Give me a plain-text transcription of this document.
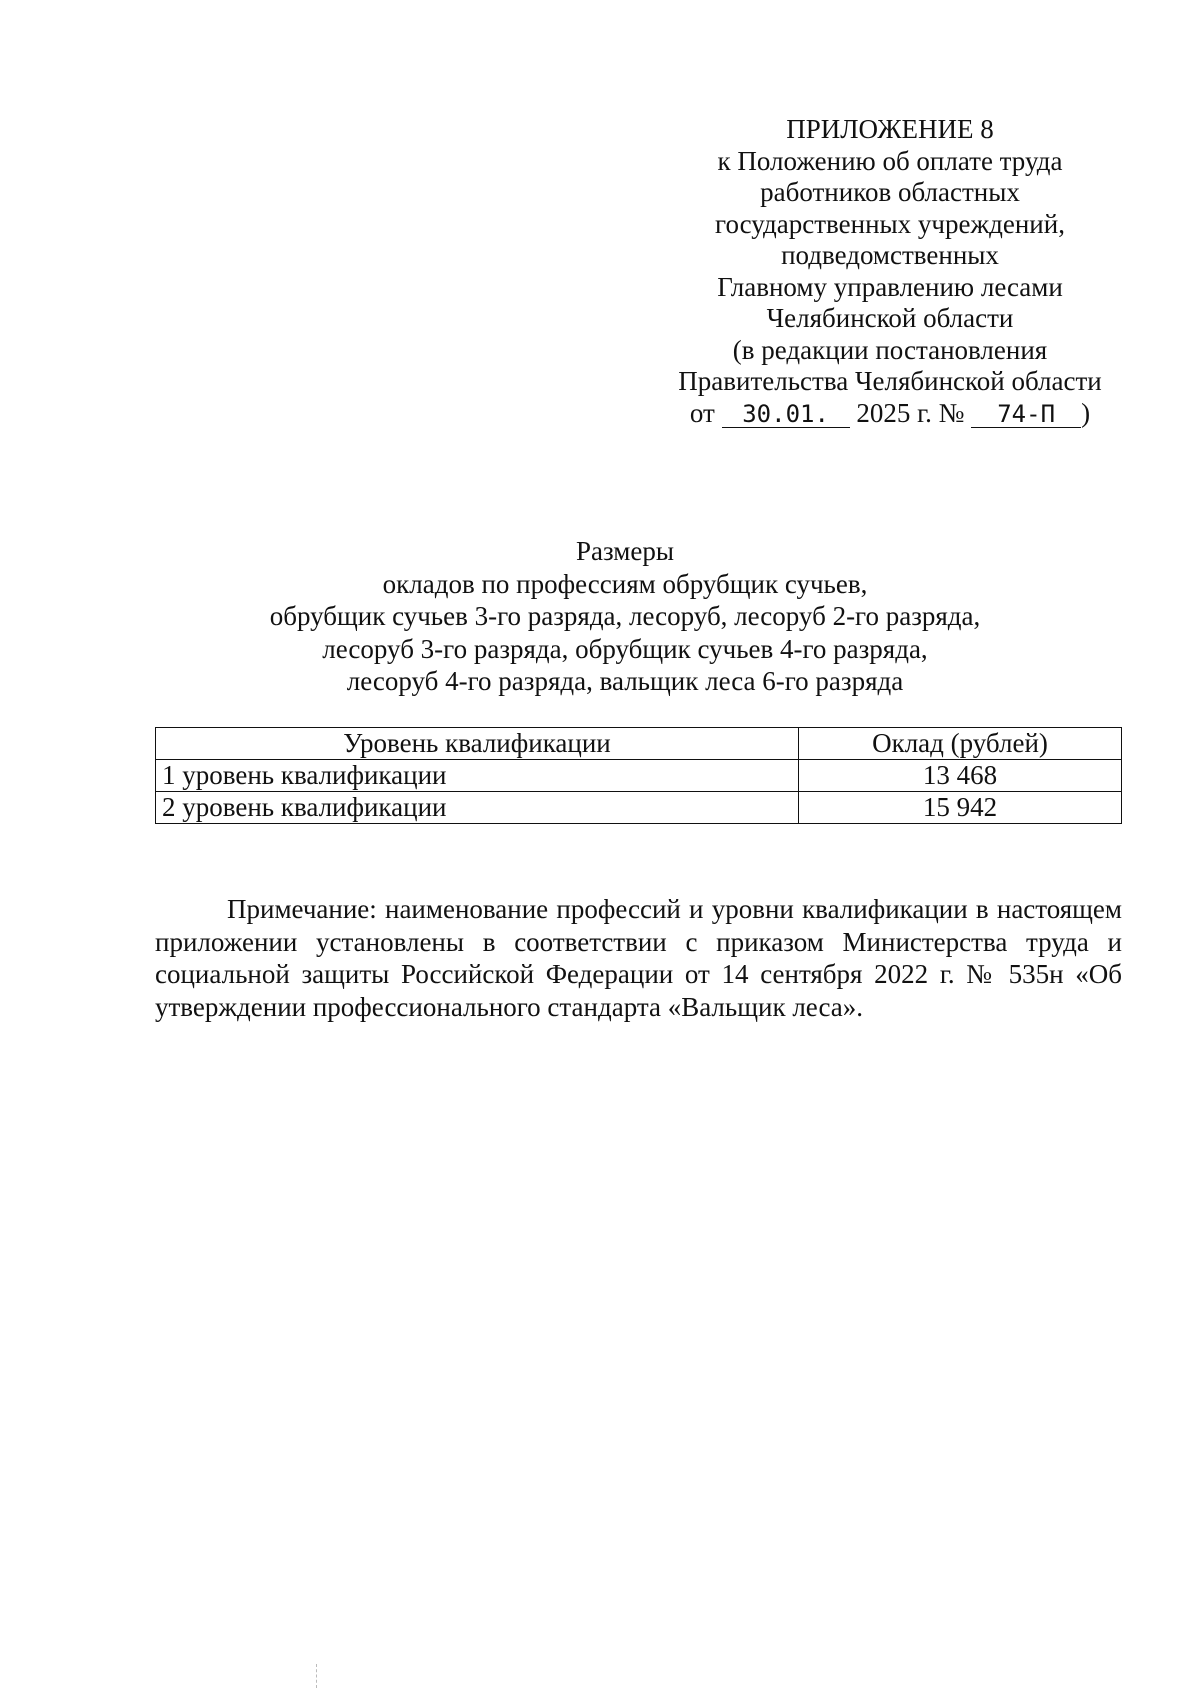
ПРИЛОЖЕНИЕ 8
к Положению об оплате труда
работников областных
государственных учреждений,
подведомственных
Главному управлению лесами
Челябинской области
(в редакции постановления
Правительства Челябинской области
от 30.01. 2025 г. № 74-П )
Размеры
окладов по профессиям обрубщик сучьев,
обрубщик сучьев 3-го разряда, лесоруб, лесоруб 2-го разряда,
лесоруб 3-го разряда, обрубщик сучьев 4-го разряда,
лесоруб 4-го разряда, вальщик леса 6-го разряда
Уровень квалификации	Оклад (рублей)
1 уровень квалификации	13 468
2 уровень квалификации	15 942

Примечание: наименование профессий и уровни квалификации в настоящем приложении установлены в соответствии с приказом Министерства труда и социальной защиты Российской Федерации от 14 сентября 2022 г. № 535н «Об утверждении профессионального стандарта «Вальщик леса».
